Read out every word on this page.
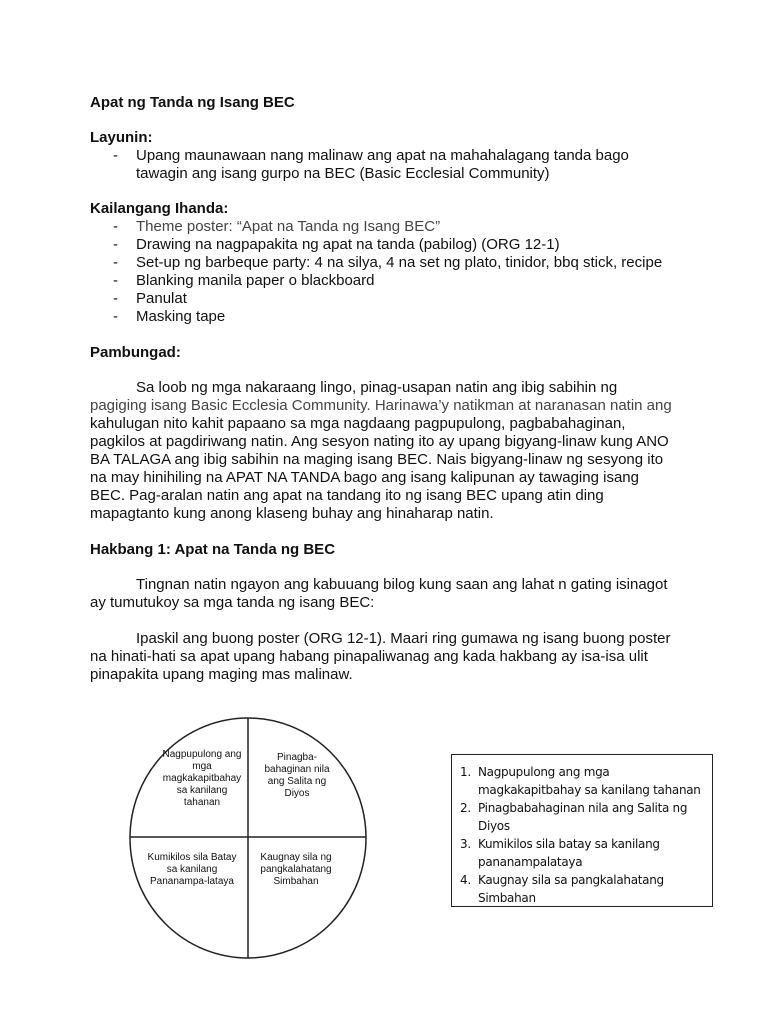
Apat ng Tanda ng Isang BEC
Layunin:
- Upang maunawaan nang malinaw ang apat na mahahalagang tanda bago
tawagin ang isang gurpo na BEC (Basic Ecclesial Community)
Kailangang Ihanda:
- Theme poster: “Apat na Tanda ng Isang BEC”
- Drawing na nagpapakita ng apat na tanda (pabilog) (ORG 12-1)
- Set-up ng barbeque party: 4 na silya, 4 na set ng plato, tinidor, bbq stick, recipe
- Blanking manila paper o blackboard
- Panulat
- Masking tape
Pambungad:
Sa loob ng mga nakaraang lingo, pinag-usapan natin ang ibig sabihin ng
pagiging isang Basic Ecclesia Community. Harinawa’y natikman at naranasan natin ang
kahulugan nito kahit papaano sa mga nagdaang pagpupulong, pagbabahaginan,
pagkilos at pagdiriwang natin. Ang sesyon nating ito ay upang bigyang-linaw kung ANO
BA TALAGA ang ibig sabihin na maging isang BEC. Nais bigyang-linaw ng sesyong ito
na may hinihiling na APAT NA TANDA bago ang isang kalipunan ay tawaging isang
BEC. Pag-aralan natin ang apat na tandang ito ng isang BEC upang atin ding
mapagtanto kung anong klaseng buhay ang hinaharap natin.
Hakbang 1: Apat na Tanda ng BEC
Tingnan natin ngayon ang kabuuang bilog kung saan ang lahat n gating isinagot
ay tumutukoy sa mga tanda ng isang BEC:
Ipaskil ang buong poster (ORG 12-1). Maari ring gumawa ng isang buong poster
na hinati-hati sa apat upang habang pinapaliwanag ang kada hakbang ay isa-isa ulit
pinapakita upang maging mas malinaw.
Nagpupulong ang mga magkakapitbahay sa kanilang tahanan
Pinagba-bahaginan nila ang Salita ng Diyos
Kumikilos sila Batay sa kanilang Pananampa-lataya
Kaugnay sila ng pangkalahatang Simbahan
1. Nagpupulong ang mga magkakapitbahay sa kanilang tahanan
2. Pinagbabahaginan nila ang Salita ng Diyos
3. Kumikilos sila batay sa kanilang pananampalataya
4. Kaugnay sila sa pangkalahatang Simbahan
